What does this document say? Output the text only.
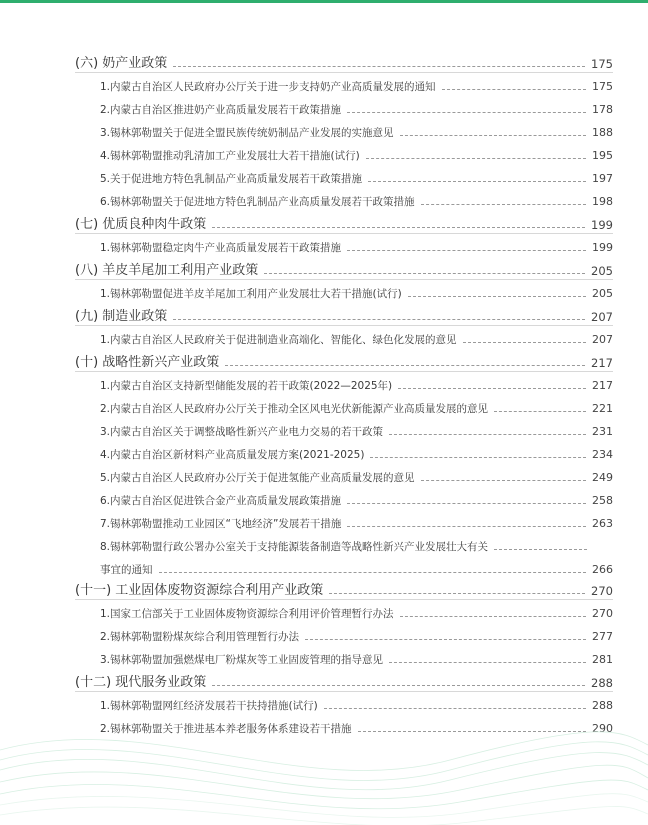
(六) 奶产业政策	175
1.内蒙古自治区人民政府办公厅关于进一步支持奶产业高质量发展的通知	175
2.内蒙古自治区推进奶产业高质量发展若干政策措施	178
3.锡林郭勒盟关于促进全盟民族传统奶制品产业发展的实施意见	188
4.锡林郭勒盟推动乳清加工产业发展壮大若干措施(试行)	195
5.关于促进地方特色乳制品产业高质量发展若干政策措施	197
6.锡林郭勒盟关于促进地方特色乳制品产业高质量发展若干政策措施	198
(七) 优质良种肉牛政策	199
1.锡林郭勒盟稳定肉牛产业高质量发展若干政策措施	199
(八) 羊皮羊尾加工利用产业政策	205
1.锡林郭勒盟促进羊皮羊尾加工利用产业发展壮大若干措施(试行)	205
(九) 制造业政策	207
1.内蒙古自治区人民政府关于促进制造业高端化、智能化、绿色化发展的意见	207
(十) 战略性新兴产业政策	217
1.内蒙古自治区支持新型储能发展的若干政策(2022—2025年)	217
2.内蒙古自治区人民政府办公厅关于推动全区风电光伏新能源产业高质量发展的意见	221
3.内蒙古自治区关于调整战略性新兴产业电力交易的若干政策	231
4.内蒙古自治区新材料产业高质量发展方案(2021-2025)	234
5.内蒙古自治区人民政府办公厅关于促进氢能产业高质量发展的意见	249
6.内蒙古自治区促进铁合金产业高质量发展政策措施	258
7.锡林郭勒盟推动工业园区“飞地经济”发展若干措施	263
8.锡林郭勒盟行政公署办公室关于支持能源装备制造等战略性新兴产业发展壮大有关
事宜的通知	266
(十一) 工业固体废物资源综合利用产业政策	270
1.国家工信部关于工业固体废物资源综合利用评价管理暂行办法	270
2.锡林郭勒盟粉煤灰综合利用管理暂行办法	277
3.锡林郭勒盟加强燃煤电厂粉煤灰等工业固废管理的指导意见	281
(十二) 现代服务业政策	288
1.锡林郭勒盟网红经济发展若干扶持措施(试行)	288
2.锡林郭勒盟关于推进基本养老服务体系建设若干措施	290
